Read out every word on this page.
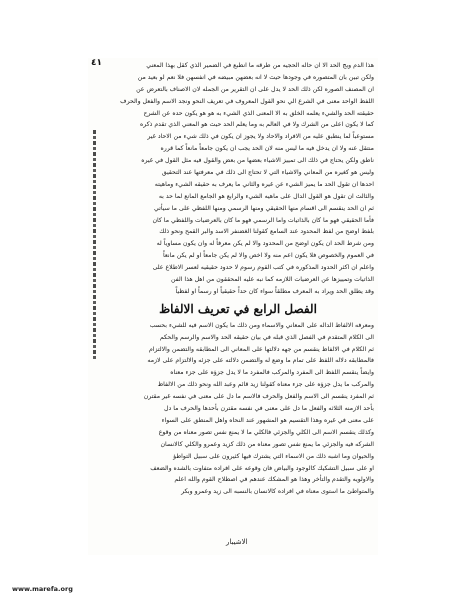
٤١	هذا الدم وبج الحد الا ان حاله الحجيه من طرقه ما انطبع في الضمير الذي كقل بهذا المعني
ولكن تبين بان المتصوره في وجودها حيث لا انه بعضهن مبيضه في انفسهن فلا نعم لو بعيد من
ان المصنف الصوره لكن ذلك الحد لا يدل على ان التقرير من الجمله لان الاصناف بالتعرض عن
اللفظ الواحد معنى في الشرع الي نحو القول المعروف في تعريف النحو ونجد الاسم والفعل والحرف
حقيقته الحد والشيء يعلمه الخلق به الا المعنى الذي الشيء به هو هو يكون حده عن الشرح
كما لا يكون اعلى من الشرك ولا في العالم به وما يعلم الحد حيث هو المعني الذي تقدم ذكره
مستوعباً لما ينطبق عليه من الافراد والاحاد ولا يجوز ان يكون في ذلك شيء من الاحاد غير
منتقل عنه ولا ان يدخل فيه ما ليس منه لان الحد يجب ان يكون جامعاً مانعاً كما قرره
ناطق ولكن يحتاج في ذلك الى تمييز الاشياء بعضها من بعض والقول فيه مثل القول في غيره
وليس هو كغيره من المعاني والاشياء التي لا تحتاج الى ذلك في معرفتها عند التحقيق
احدها ان تقول الحد ما يميز الشيء عن غيره والثاني ما يعرف به حقيقه الشيء وماهيته
والثالث ان تقول هو القول الدال على ماهيه الشيء والرابع هو الجامع المانع لما حد به
ثم ان الحد ينقسم الى اقسام منها الحقيقي ومنها الرسمي ومنها اللفظي على ما سيأتي
فأما الحقيقي فهو ما كان بالذاتيات واما الرسمي فهو ما كان بالعرضيات واللفظي ما كان
بلفظ اوضح من لفظ المحدود عند السامع كقولنا الغضنفر الاسد والبر القمح ونحو ذلك
ومن شرط الحد ان يكون اوضح من المحدود والا لم يكن معرفاً له وان يكون مساوياً له
في العموم والخصوص فلا يكون اعم منه ولا اخص والا لم يكن جامعاً او لم يكن مانعاً
واعلم ان اكثر الحدود المذكوره في كتب القوم رسوم لا حدود حقيقيه لعسر الاطلاع على
الذاتيات وتمييزها عن العرضيات اللازمه كما نبه عليه المحققون من اهل هذا الفن
وقد يطلق الحد ويراد به المعرف مطلقاً سواء كان حداً حقيقياً او رسماً او لفظياً
الفصل الرابع في تعريف الالفاظ
ومعرفه الالفاظ الداله على المعاني والاسماء ومن ذلك ما يكون الاسم فيه للشيء بحسب
الى الكلام المتقدم في الفصل الذي قبله في بيان حقيقه الحد والاسم والرسم والحكم
ثم الكلام في الالفاظ ينقسم من جهه دلالتها على المعاني الى المطابقه والتضمن والالتزام
فالمطابقه دلاله اللفظ على تمام ما وضع له والتضمن دلالته على جزئه والالتزام على لازمه
وايضاً ينقسم اللفظ الى المفرد والمركب فالمفرد ما لا يدل جزؤه على جزء معناه
والمركب ما يدل جزؤه على جزء معناه كقولنا زيد قائم وعبد الله ونحو ذلك من الالفاظ
ثم المفرد ينقسم الى الاسم والفعل والحرف فالاسم ما دل على معنى في نفسه غير مقترن
بأحد الازمنه الثلاثه والفعل ما دل على معنى في نفسه مقترن بأحدها والحرف ما دل
على معنى في غيره وهذا التقسيم هو المشهور عند النحاه واهل المنطق على السواء
وكذلك ينقسم الاسم الى الكلي والجزئي فالكلي ما لا يمنع نفس تصور معناه من وقوع
الشركه فيه والجزئي ما يمنع نفس تصور معناه من ذلك كزيد وعمرو والكلي كالانسان
والحيوان وما اشبه ذلك من الاسماء التي يشترك فيها كثيرون على سبيل التواطؤ
او على سبيل التشكيك كالوجود والبياض فان وقوعه على افراده متفاوت بالشده والضعف
والاولويه والتقدم والتأخر وهذا هو المشكك عندهم في اصطلاح القوم والله اعلم
والمتواطئ ما استوى معناه في افراده كالانسان بالنسبه الى زيد وعمرو وبكر
الاشيبار
www.marefa.org
